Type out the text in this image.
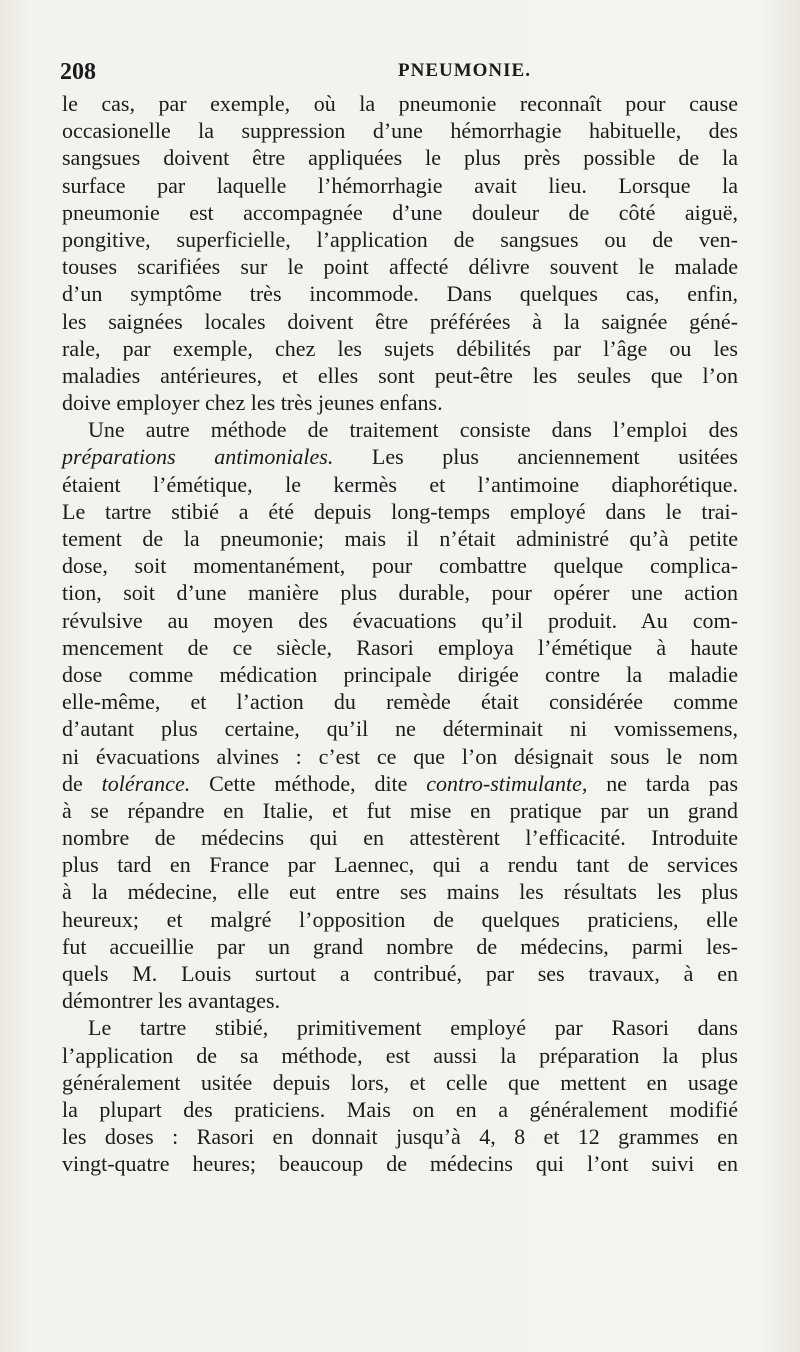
208	PNEUMONIE.
le cas, par exemple, où la pneumonie reconnaît pour cause
occasionelle la suppression d’une hémorrhagie habituelle, des
sangsues doivent être appliquées le plus près possible de la
surface par laquelle l’hémorrhagie avait lieu. Lorsque la
pneumonie est accompagnée d’une douleur de côté aiguë,
pongitive, superficielle, l’application de sangsues ou de ven-
touses scarifiées sur le point affecté délivre souvent le malade
d’un symptôme très incommode. Dans quelques cas, enfin,
les saignées locales doivent être préférées à la saignée géné-
rale, par exemple, chez les sujets débilités par l’âge ou les
maladies antérieures, et elles sont peut-être les seules que l’on
doive employer chez les très jeunes enfans.
Une autre méthode de traitement consiste dans l’emploi des
préparations antimoniales. Les plus anciennement usitées
étaient l’émétique, le kermès et l’antimoine diaphorétique.
Le tartre stibié a été depuis long-temps employé dans le trai-
tement de la pneumonie; mais il n’était administré qu’à petite
dose, soit momentanément, pour combattre quelque complica-
tion, soit d’une manière plus durable, pour opérer une action
révulsive au moyen des évacuations qu’il produit. Au com-
mencement de ce siècle, Rasori employa l’émétique à haute
dose comme médication principale dirigée contre la maladie
elle-même, et l’action du remède était considérée comme
d’autant plus certaine, qu’il ne déterminait ni vomissemens,
ni évacuations alvines : c’est ce que l’on désignait sous le nom
de tolérance. Cette méthode, dite contro-stimulante, ne tarda pas
à se répandre en Italie, et fut mise en pratique par un grand
nombre de médecins qui en attestèrent l’efficacité. Introduite
plus tard en France par Laennec, qui a rendu tant de services
à la médecine, elle eut entre ses mains les résultats les plus
heureux; et malgré l’opposition de quelques praticiens, elle
fut accueillie par un grand nombre de médecins, parmi les-
quels M. Louis surtout a contribué, par ses travaux, à en
démontrer les avantages.
Le tartre stibié, primitivement employé par Rasori dans
l’application de sa méthode, est aussi la préparation la plus
généralement usitée depuis lors, et celle que mettent en usage
la plupart des praticiens. Mais on en a généralement modifié
les doses : Rasori en donnait jusqu’à 4, 8 et 12 grammes en
vingt-quatre heures; beaucoup de médecins qui l’ont suivi en
